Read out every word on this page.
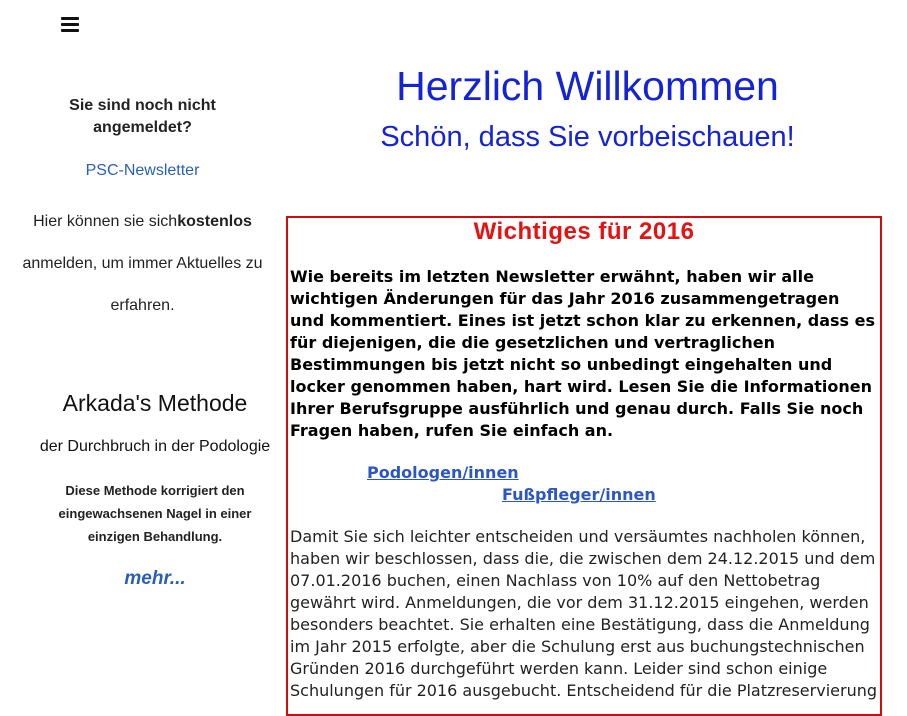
Sie sind noch nicht angemeldet?
PSC-Newsletter
Hier können sie sichkostenlos
anmelden, um immer Aktuelles zu erfahren.
Arkada's Methode
der Durchbruch in der Podologie
Diese Methode korrigiert den eingewachsenen Nagel in einer einzigen Behandlung.
mehr...
Herzlich Willkommen
Schön, dass Sie vorbeischauen!
Wichtiges für 2016
Wie bereits im letzten Newsletter erwähnt, haben wir alle wichtigen Änderungen für das Jahr 2016 zusammengetragen und kommentiert. Eines ist jetzt schon klar zu erkennen, dass es für diejenigen, die die gesetzlichen und vertraglichen Bestimmungen bis jetzt nicht so unbedingt eingehalten und locker genommen haben, hart wird. Lesen Sie die Informationen Ihrer Berufsgruppe ausführlich und genau durch. Falls Sie noch Fragen haben, rufen Sie einfach an.
Podologen/innen
Fußpfleger/innen
Damit Sie sich leichter entscheiden und versäumtes nachholen können, haben wir beschlossen, dass die, die zwischen dem 24.12.2015 und dem 07.01.2016 buchen, einen Nachlass von 10% auf den Nettobetrag gewährt wird. Anmeldungen, die vor dem 31.12.2015 eingehen, werden besonders beachtet. Sie erhalten eine Bestätigung, dass die Anmeldung im Jahr 2015 erfolgte, aber die Schulung erst aus buchungstechnischen Gründen 2016 durchgeführt werden kann. Leider sind schon einige Schulungen für 2016 ausgebucht. Entscheidend für die Platzreservierung
